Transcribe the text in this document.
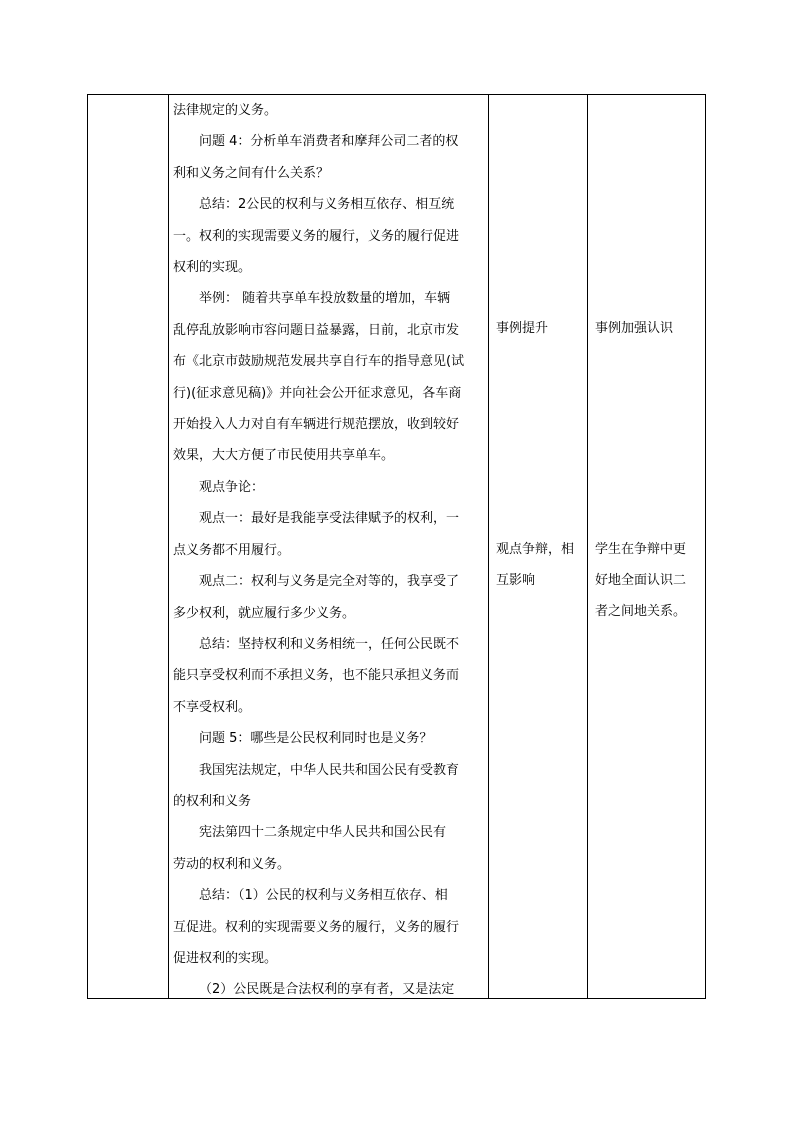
法律规定的义务。

问题 4：分析单车消费者和摩拜公司二者的权

利和义务之间有什么关系？

总结：2公民的权利与义务相互依存、相互统

一。权利的实现需要义务的履行，义务的履行促进

权利的实现。

举例： 随着共享单车投放数量的增加，车辆

乱停乱放影响市容问题日益暴露，日前，北京市发

布《北京市鼓励规范发展共享自行车的指导意见(试

行)(征求意见稿)》并向社会公开征求意见，各车商

开始投入人力对自有车辆进行规范摆放，收到较好

效果，大大方便了市民使用共享单车。

观点争论：

观点一：最好是我能享受法律赋予的权利，一

点义务都不用履行。

观点二：权利与义务是完全对等的，我享受了

多少权利，就应履行多少义务。

总结：坚持权利和义务相统一，任何公民既不

能只享受权利而不承担义务，也不能只承担义务而

不享受权利。

问题 5：哪些是公民权利同时也是义务？

我国宪法规定，中华人民共和国公民有受教育

的权利和义务

宪法第四十二条规定中华人民共和国公民有

劳动的权利和义务。

总结：（1）公民的权利与义务相互依存、相

互促进。权利的实现需要义务的履行，义务的履行

促进权利的实现。

（2）公民既是合法权利的享有者，又是法定

事例提升
观点争辩，相
互影响
事例加强认识
学生在争辩中更
好地全面认识二
者之间地关系。
